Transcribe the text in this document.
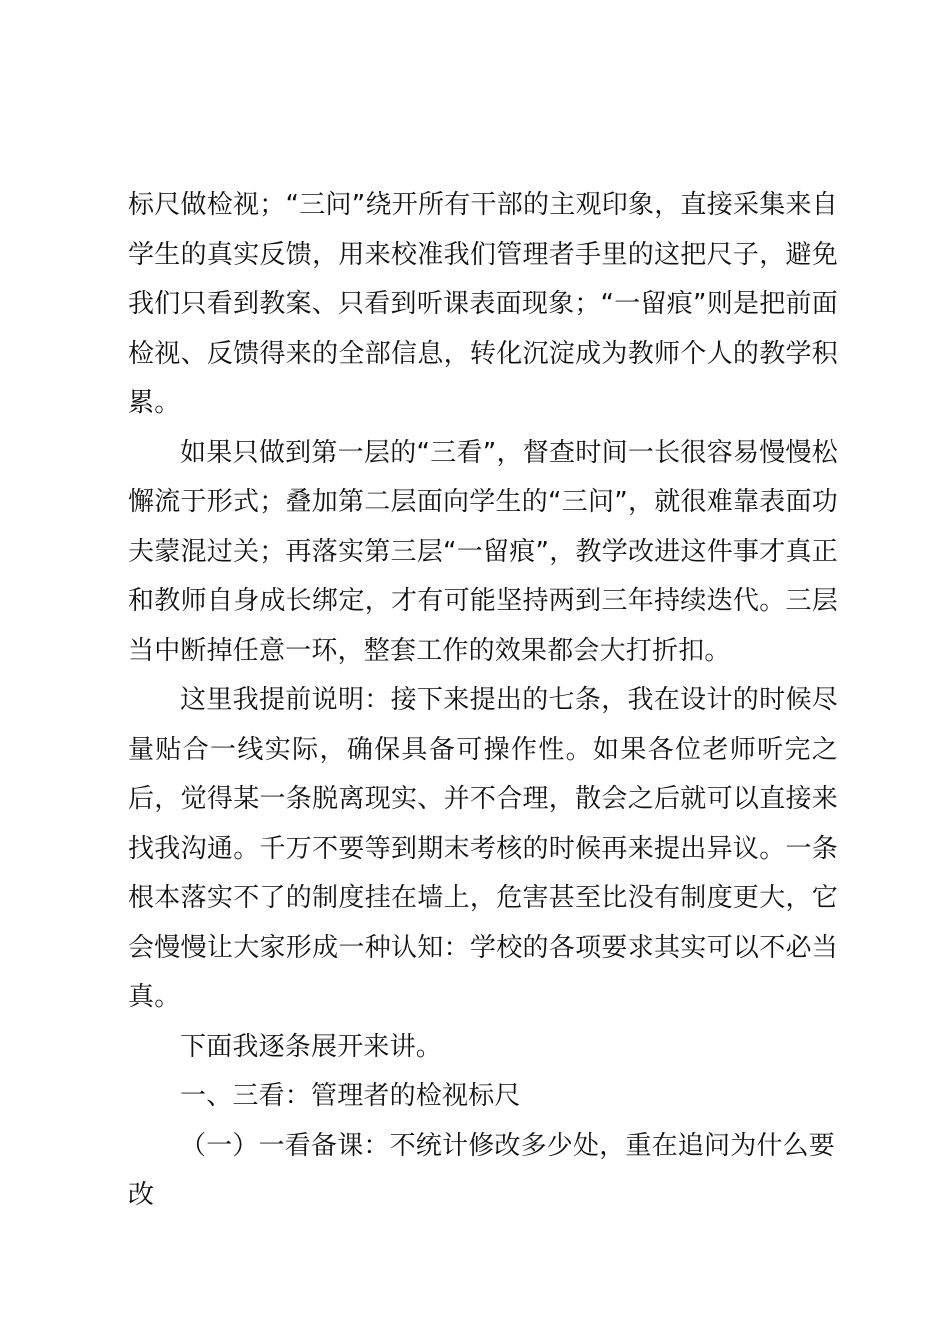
标尺做检视；“三问”绕开所有干部的主观印象，直接采集来自学生的真实反馈，用来校准我们管理者手里的这把尺子，避免我们只看到教案、只看到听课表面现象；“一留痕”则是把前面检视、反馈得来的全部信息，转化沉淀成为教师个人的教学积累。

如果只做到第一层的“三看”，督查时间一长很容易慢慢松懈流于形式；叠加第二层面向学生的“三问”，就很难靠表面功夫蒙混过关；再落实第三层“一留痕”，教学改进这件事才真正和教师自身成长绑定，才有可能坚持两到三年持续迭代。三层当中断掉任意一环，整套工作的效果都会大打折扣。

这里我提前说明：接下来提出的七条，我在设计的时候尽量贴合一线实际，确保具备可操作性。如果各位老师听完之后，觉得某一条脱离现实、并不合理，散会之后就可以直接来找我沟通。千万不要等到期末考核的时候再来提出异议。一条根本落实不了的制度挂在墙上，危害甚至比没有制度更大，它会慢慢让大家形成一种认知：学校的各项要求其实可以不必当真。

下面我逐条展开来讲。

一、三看：管理者的检视标尺

（一）一看备课：不统计修改多少处，重在追问为什么要改
